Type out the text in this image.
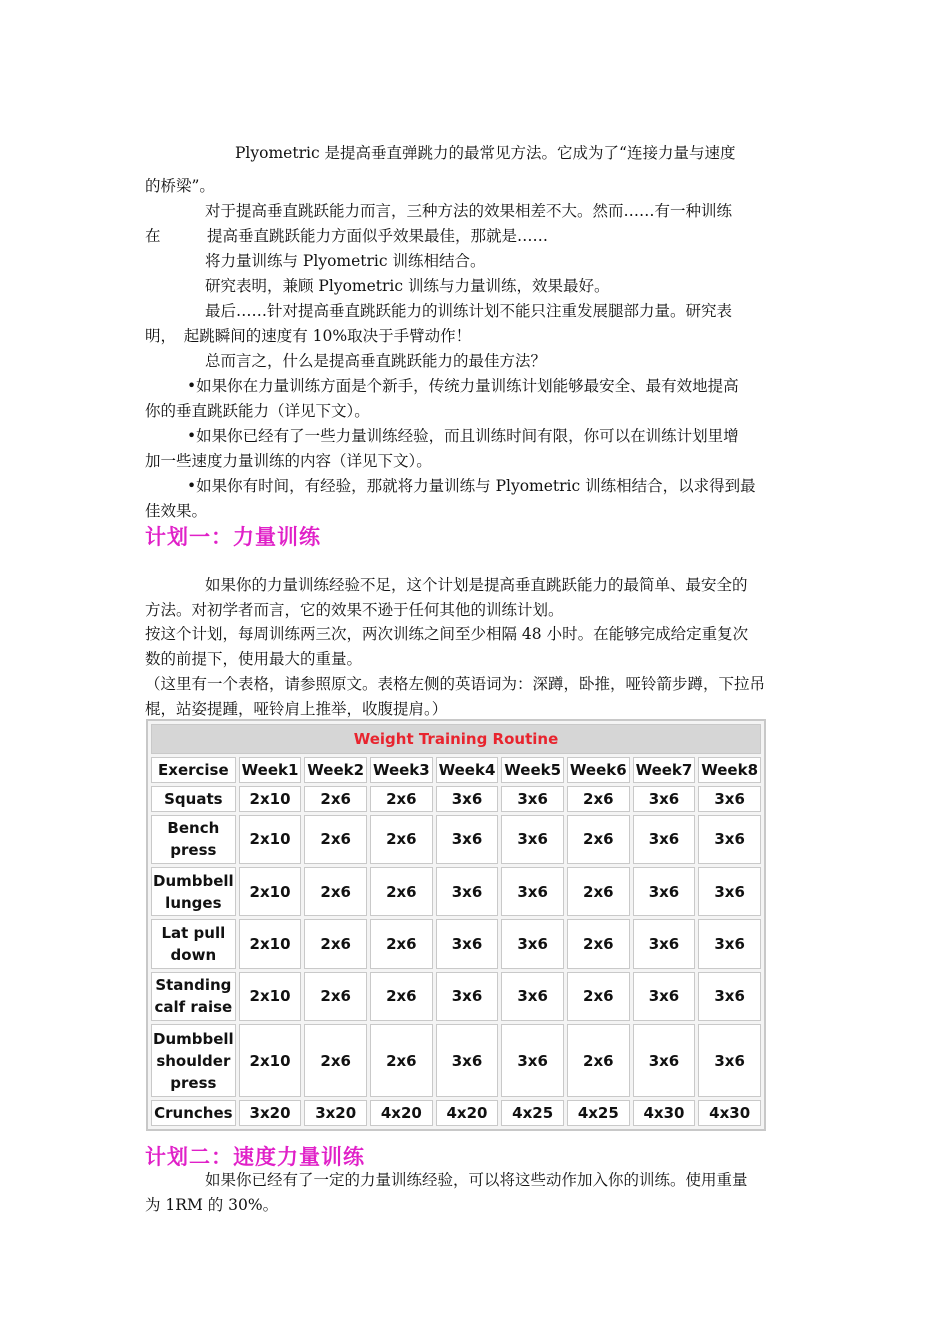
Plyometric 是提高垂直弹跳力的最常见方法。它成为了“连接力量与速度
的桥梁”。
对于提高垂直跳跃能力而言，三种方法的效果相差不大。然而……有一种训练
在　　　提高垂直跳跃能力方面似乎效果最佳，那就是……
将力量训练与 Plyometric 训练相结合。
研究表明，兼顾 Plyometric 训练与力量训练，效果最好。
最后……针对提高垂直跳跃能力的训练计划不能只注重发展腿部力量。研究表
明，　起跳瞬间的速度有 10%取决于手臂动作！
总而言之，什么是提高垂直跳跃能力的最佳方法？
•如果你在力量训练方面是个新手，传统力量训练计划能够最安全、最有效地提高
你的垂直跳跃能力（详见下文）。
•如果你已经有了一些力量训练经验，而且训练时间有限，你可以在训练计划里增
加一些速度力量训练的内容（详见下文）。
•如果你有时间，有经验，那就将力量训练与 Plyometric 训练相结合，以求得到最
佳效果。
如果你的力量训练经验不足，这个计划是提高垂直跳跃能力的最简单、最安全的
方法。对初学者而言，它的效果不逊于任何其他的训练计划。
按这个计划，每周训练两三次，两次训练之间至少相隔 48 小时。在能够完成给定重复次
数的前提下，使用最大的重量。
（这里有一个表格，请参照原文。表格左侧的英语词为：深蹲，卧推，哑铃箭步蹲，下拉吊
棍，站姿提踵，哑铃肩上推举，收腹提肩。）
如果你已经有了一定的力量训练经验，可以将这些动作加入你的训练。使用重量
为 1RM 的 30%。
计划一：力量训练
计划二：速度力量训练
Weight Training Routine								
Exercise	Week1	Week2	Week3	Week4	Week5	Week6	Week7	Week8
Squats	2x10	2x6	2x6	3x6	3x6	2x6	3x6	3x6
Bench
press	2x10	2x6	2x6	3x6	3x6	2x6	3x6	3x6
Dumbbell
lunges	2x10	2x6	2x6	3x6	3x6	2x6	3x6	3x6
Lat pull
down	2x10	2x6	2x6	3x6	3x6	2x6	3x6	3x6
Standing
calf raise	2x10	2x6	2x6	3x6	3x6	2x6	3x6	3x6
Dumbbell
shoulder
press	2x10	2x6	2x6	3x6	3x6	2x6	3x6	3x6
Crunches	3x20	3x20	4x20	4x20	4x25	4x25	4x30	4x30
